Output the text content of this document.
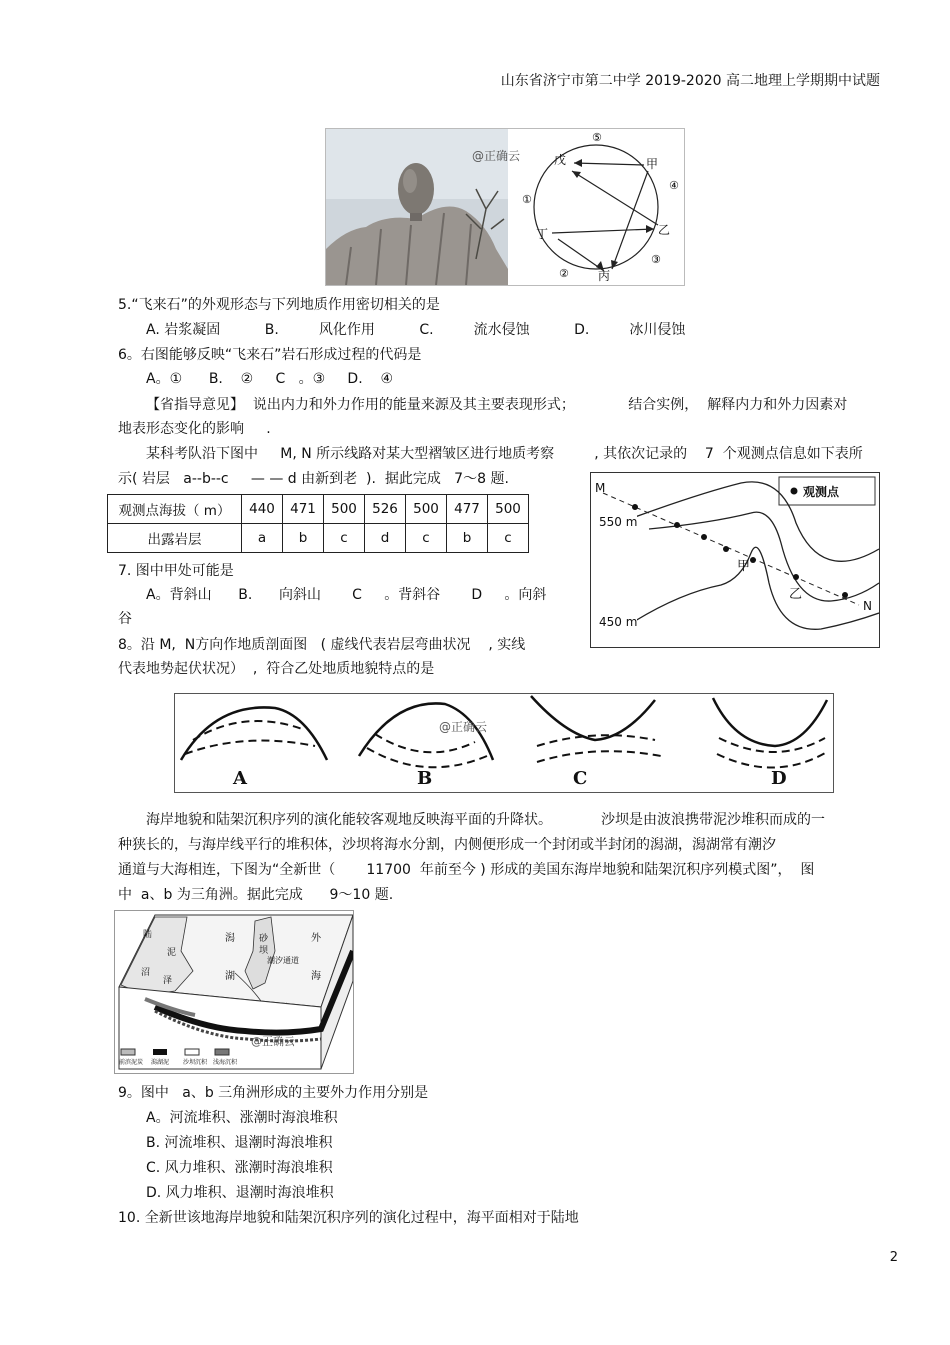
山东省济宁市第二中学 2019-2020 高二地理上学期期中试题
⑤
①
②
③
④
@正确云	戊	甲
乙
丙
丁
5.“飞来石”的外观形态与下列地质作用密切相关的是
A. 岩浆凝固          B.         风化作用          C.         流水侵蚀          D.         冰川侵蚀
6。右图能够反映“飞来石”岩石形成过程的代码是
A。①      B.    ②     C   。③     D.    ④
【省指导意见】  说出内力和外力作用的能量来源及其主要表现形式；            结合实例，  解释内力和外力因素对
地表形态变化的影响     .
某科考队沿下图中     M, N 所示线路对某大型褶皱区进行地质考察         , 其依次记录的    7  个观测点信息如下表所
示( 岩层   a--b--c     — — d 由新到老  ).  据此完成   7～8 题.
观测点海拔（ m）	440	471	500	526	500	477	500
出露岩层	a	b	c	d	c	b	c
观测点
M
N
550 m
450 m
甲
乙
7. 图中甲处可能是
A。背斜山      B.      向斜山       C     。背斜谷       D     。向斜
谷
8。沿 M,  N方向作地质剖面图   ( 虚线代表岩层弯曲状况    , 实线
代表地势起伏状况）  ,  符合乙处地质地貌特点的是
A	B	C	D
@正确云
海岸地貌和陆架沉积序列的演化能较客观地反映海平面的升降状。           沙坝是由波浪携带泥沙堆积而成的一
种狭长的，与海岸线平行的堆积体，沙坝将海水分割，内侧便形成一个封闭或半封闭的潟湖，潟湖常有潮汐
通道与大海相连，下图为“全新世（       11700  年前至今 ) 形成的美国东海岸地貌和陆架沉积序列模式图”，  图
中  a、b 为三角洲。据此完成      9～10 题.
潟
湖
外
海
潮汐通道
砂
坝
陆
泥
沼
泽
@正确云
前滨泥炭 潟湖泥 沙坝沉积 浅海沉积
9。图中   a、b 三角洲形成的主要外力作用分别是
A。河流堆积、涨潮时海浪堆积
B. 河流堆积、退潮时海浪堆积
C. 风力堆积、涨潮时海浪堆积
D. 风力堆积、退潮时海浪堆积
10. 全新世该地海岸地貌和陆架沉积序列的演化过程中，海平面相对于陆地
2
